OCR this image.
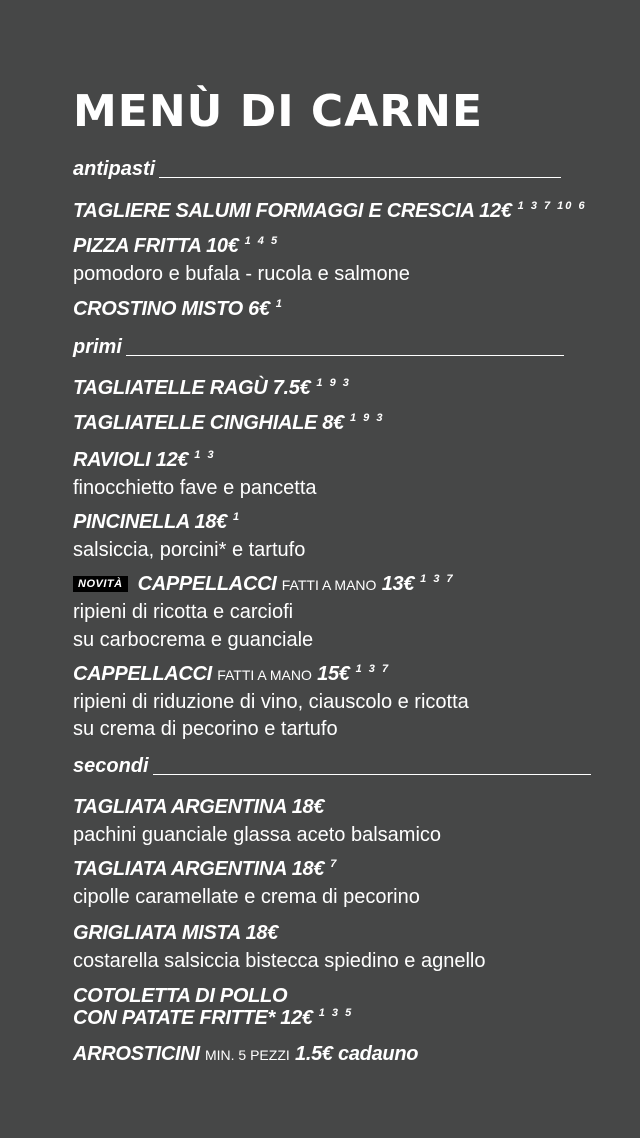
MENÙ DI CARNE
antipasti
TAGLIERE SALUMI FORMAGGI E CRESCIA 12€ $^{1 3 7 10 6}$
PIZZA FRITTA 10€ $^{1 4 5}$
pomodoro e bufala - rucola e salmone
CROSTINO MISTO 6€ $^1$
primi
TAGLIATELLE RAGÙ 7.5€ $^{1 9 3}$
TAGLIATELLE CINGHIALE 8€ $^{1 9 3}$
RAVIOLI 12€ $^{1 3}$
finocchietto fave e pancetta
PINCINELLA 18€ $^1$
salsiccia, porcini* e tartufo
NOVITÀ CAPPELLACCI FATTI A MANO 13€ $^{1 3 7}$
ripieni di ricotta e carciofi
su carbocrema e guanciale
CAPPELLACCI FATTI A MANO 15€ $^{1 3 7}$
ripieni di riduzione di vino, ciauscolo e ricotta
su crema di pecorino e tartufo
secondi
TAGLIATA ARGENTINA 18€
pachini guanciale glassa aceto balsamico
TAGLIATA ARGENTINA 18€ $^7$
cipolle caramellate e crema di pecorino
GRIGLIATA MISTA 18€
costarella salsiccia bistecca spiedino e agnello
COTOLETTA DI POLLO
CON PATATE FRITTE* 12€ $^{1 3 5}$
ARROSTICINI MIN. 5 PEZZI 1.5€ cadauno
